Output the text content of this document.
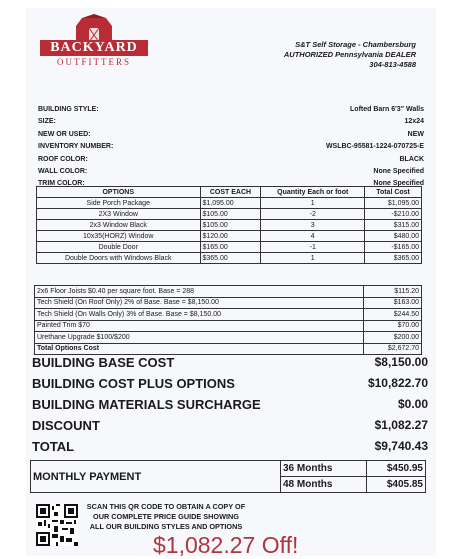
BACKYARD
OUTFITTERS
S&T Self Storage - Chambersburg
AUTHORIZED Pennsylvania DEALER
304-813-4588
BUILDING STYLE:	Lofted Barn 6'3" Walls
SIZE:	12x24
NEW OR USED:	NEW
INVENTORY NUMBER:	WSLBC-95581-1224-070725-E
ROOF COLOR:	BLACK
WALL COLOR:	None Specified
TRIM COLOR:	None Specified
OPTIONS	COST EACH	Quantity Each or foot	Total Cost
Side Porch Package	$1,095.00	1	$1,095.00
2X3 Window	$105.00	-2	-$210.00
2x3 Window Black	$105.00	3	$315.00
10x35(HORZ) Window	$120.00	4	$480.00
Double Door	$165.00	-1	-$165.00
Double Doors with Windows Black	$365.00	1	$365.00
2x6 Floor Joists $0.40 per square foot. Base = 288	$115.20
Tech Shield (On Roof Only) 2% of Base. Base = $8,150.00	$163.00
Tech Shield (On Walls Only) 3% of Base. Base = $8,150.00	$244.50
Painted Trim $70	$70.00
Urethane Upgrade $100/$200	$200.00
Total Options Cost	$2,672.70
BUILDING BASE COST	$8,150.00
BUILDING COST PLUS OPTIONS	$10,822.70
BUILDING MATERIALS SURCHARGE	$0.00
DISCOUNT	$1,082.27
TOTAL	$9,740.43
MONTHLY PAYMENT	36 Months	$450.95
	48 Months	$405.85
SCAN THIS QR CODE TO OBTAIN A COPY OF OUR COMPLETE PRICE GUIDE SHOWING ALL OUR BUILDING STYLES AND OPTIONS
$1,082.27 Off!
